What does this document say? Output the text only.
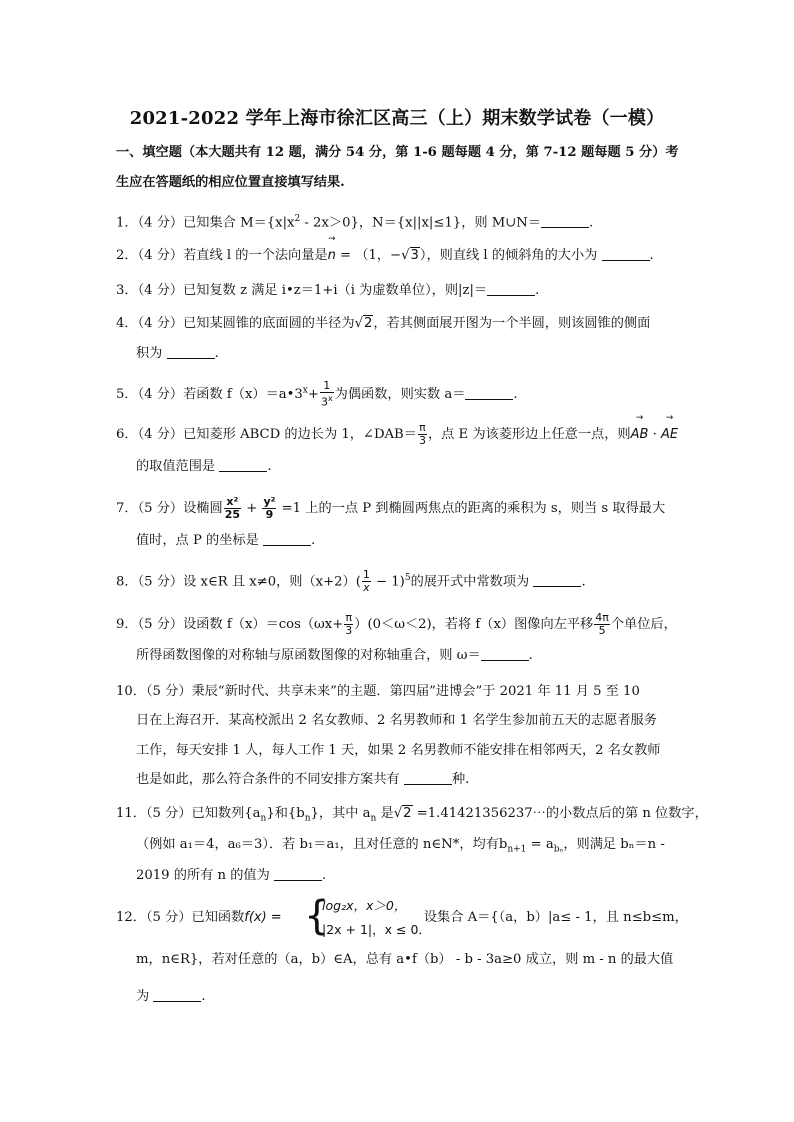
2021-2022 学年上海市徐汇区高三（上）期末数学试卷（一模）
一、填空题（本大题共有 12 题，满分 54 分，第 1-6 题每题 4 分，第 7-12 题每题 5 分）考
生应在答题纸的相应位置直接填写结果.
1．（4 分）已知集合 $M=\{x|x^2 - 2x>0\}$，N＝{x||x|≤1}，则 M∪N＝	.
2．（4 分）若直线 l 的一个法向量是→ n = （1，−√3），则直线 l 的倾斜角的大小为	.
3．（4 分）已知复数 z 满足 i•z＝1+i（i 为虚数单位），则|z|＝	.
4．（4 分）已知某圆锥的底面圆的半径为√2，若其侧面展开图为一个半圆，则该圆锥的侧面
积为	.
5．（4 分）若函数 $f(x)=a•3^x+ \frac{1}{3^x}$ 为偶函数，则实数 a＝	.
6．（4 分）已知菱形 ABCD 的边长为 1，∠DAB＝ $\frac{\pi}{3}$ ，点 E 为该菱形边上任意一点，则→ AB · → AE
的取值范围是	.
7．（5 分）设椭圆 $\frac{\text{x²}}{25} + \frac{\text{y²}}{9} =1$ 上的一点 P 到椭圆两焦点的距离的乘积为 s，则当 s 取得最大
值时，点 P 的坐标是	.
8．（5 分）设 x∈R 且 x≠0，则$(x+2)( \frac{1}{x} - 1)^5$的展开式中常数项为	.
9．（5 分）设函数 $f(x)=\cos(\omega x+ \frac{\pi}{3} )(0<\omega<2)$，若将 f（x）图像向左平移 $\frac{4\pi}{5}$ 个单位后，
所得函数图像的对称轴与原函数图像的对称轴重合，则 ω＝	.
10．（5 分）秉辰“新时代、共享未来”的主题．第四届”进博会”于 2021 年 11 月 5 至 10
日在上海召开．某高校派出 2 名女教师、2 名男教师和 1 名学生参加前五天的志愿者服务
工作，每天安排 1 人，每人工作 1 天，如果 2 名男教师不能安排在相邻两天，2 名女教师
也是如此，那么符合条件的不同安排方案共有	种.
11．（5 分）已知数列$\{a_n\}$和$\{b_n\}$，其中 $a_n$ 是√2 =1.41421356237⋯的小数点后的第 n 位数字，
（例如 a₁＝4，a₆＝3）．若 b₁＝a₁，且对任意的 n∈N*，均有$b_{n+1} = a_{b_n}$，则满足 bₙ＝n -
2019 的所有 n 的值为	.
12．（5 分）已知函数f(x) =	设集合 A＝{（a，b）|a≤ - 1，且 n≤b≤m，
{
log₂x，x＞0，
|2x + 1|，x ≤ 0．
m，n∈R}，若对任意的（a，b）∈A，总有 a•f（b） - b - 3a≥0 成立，则 m - n 的最大值
为	.
